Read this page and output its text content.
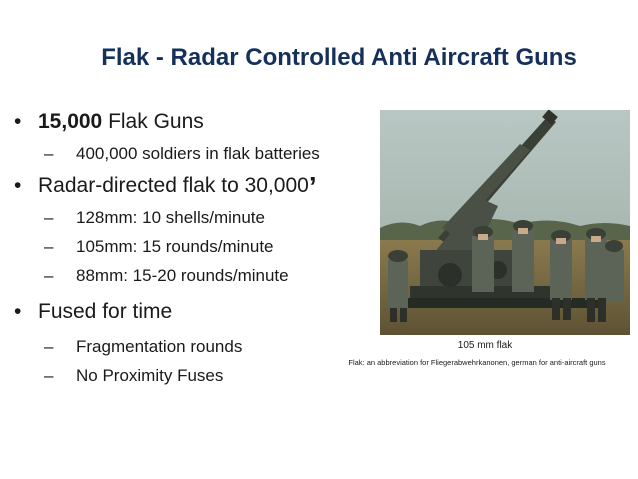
Flak - Radar Controlled Anti Aircraft Guns
• 15,000 Flak Guns
– 400,000 soldiers in flak batteries
• Radar-directed flak to 30,000’
– 128mm: 10 shells/minute
– 105mm: 15 rounds/minute
– 88mm: 15-20 rounds/minute
• Fused for time
– Fragmentation rounds
– No Proximity Fuses
105 mm flak
Flak: an abbreviation for Fliegerabwehrkanonen, german for anti-aircraft guns
